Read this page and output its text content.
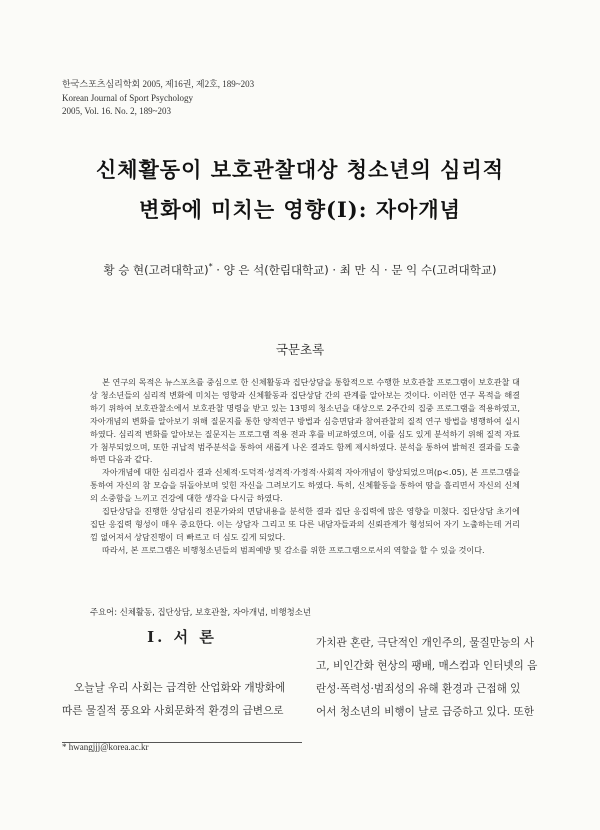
한국스포츠심리학회 2005, 제16권, 제2호, 189~203
Korean Journal of Sport Psychology
2005, Vol. 16. No. 2, 189~203
신체활동이 보호관찰대상 청소년의 심리적
변화에 미치는 영향(Ⅰ): 자아개념
황 승 현(고려대학교)* · 양 은 석(한림대학교) · 최 만 식 · 문 익 수(고려대학교)
국문초록

본 연구의 목적은 뉴스포츠를 중심으로 한 신체활동과 집단상담을 통합적으로 수행한 보호관찰 프로그램이 보호관찰 대상 청소년들의 심리적 변화에 미치는 영향과 신체활동과 집단상담 간의 관계를 알아보는 것이다. 이러한 연구 목적을 해결하기 위하여 보호관찰소에서 보호관찰 명령을 받고 있는 13명의 청소년을 대상으로 2주간의 집중 프로그램을 적용하였고, 자아개념의 변화를 알아보기 위해 질문지를 통한 양적연구 방법과 심층면담과 참여관찰의 질적 연구 방법을 병행하여 실시하였다. 심리적 변화를 알아보는 질문지는 프로그램 적용 전과 후를 비교하였으며, 이를 심도 있게 분석하기 위해 질적 자료가 첨부되었으며, 또한 귀납적 범주분석을 통하여 새롭게 나온 결과도 함께 제시하였다. 분석을 통하여 밝혀진 결과를 도출하면 다음과 같다.

자아개념에 대한 심리검사 결과 신체적·도덕적·성격적·가정적·사회적 자아개념이 향상되었으며(p<.05), 본 프로그램을 통하여 자신의 참 모습을 뒤돌아보며 잊힌 자신을 그려보기도 하였다. 특히, 신체활동을 통하여 땀을 흘리면서 자신의 신체의 소중함을 느끼고 건강에 대한 생각을 다시금 하였다.

집단상담을 진행한 상담심리 전문가와의 면담내용을 분석한 결과 집단 응집력에 많은 영향을 미쳤다. 집단상담 초기에 집단 응집력 형성이 매우 중요한다. 이는 상담자 그리고 또 다른 내담자들과의 신뢰관계가 형성되어 자기 노출하는데 거리낌 없어져서 상담진행이 더 빠르고 더 심도 깊게 되었다.

따라서, 본 프로그램은 비행청소년들의 범죄예방 및 감소를 위한 프로그램으로서의 역할을 할 수 있을 것이다.

주요어: 신체활동, 집단상담, 보호관찰, 자아개념, 비행청소년
Ⅰ. 서 론
오늘날 우리 사회는 급격한 산업화와 개방화에
따른 물질적 풍요와 사회문화적 환경의 급변으로
가치관 혼란, 극단적인 개인주의, 물질만능의 사
고, 비인간화 현상의 팽배, 매스컴과 인터넷의 음
란성·폭력성·범죄성의 유해 환경과 근접해 있
어서 청소년의 비행이 날로 급증하고 있다. 또한
* hwangjjj@korea.ac.kr
